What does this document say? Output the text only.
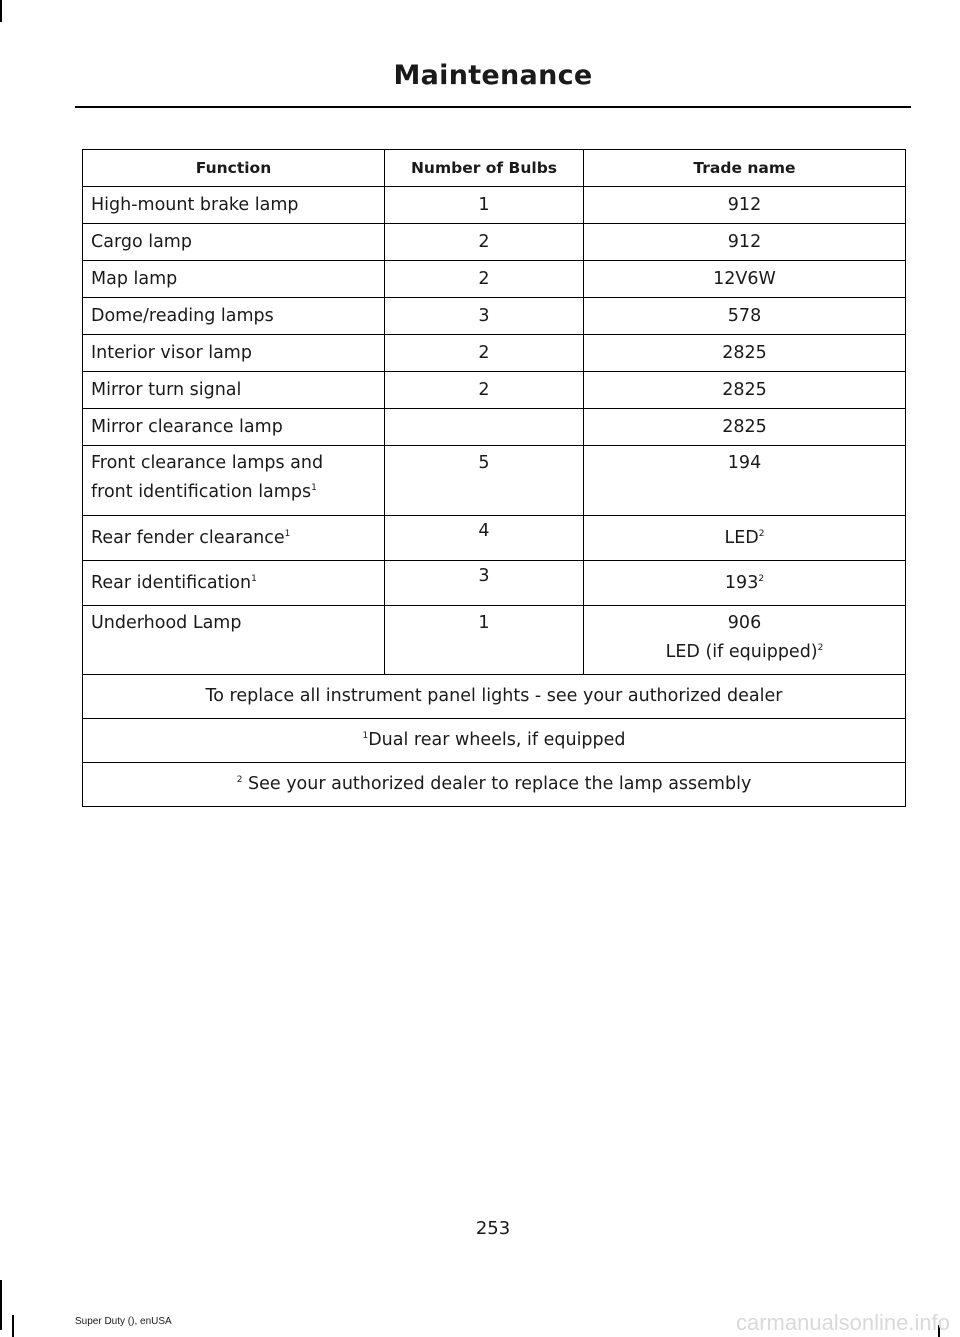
Maintenance
Function	Number of Bulbs	Trade name
High-mount brake lamp	1	912
Cargo lamp	2	912
Map lamp	2	12V6W
Dome/reading lamps	3	578
Interior visor lamp	2	2825
Mirror turn signal	2	2825
Mirror clearance lamp		2825
Front clearance lamps and
front identification lamps$^1$	5	194
Rear fender clearance$^1$	4	LED$^2$
Rear identification$^1$	3	$193^2$
Underhood Lamp	1	906
LED (if equipped)$^2$
To replace all instrument panel lights - see your authorized dealer		
$^1$Dual rear wheels, if equipped		
$^2$ See your authorized dealer to replace the lamp assembly		
253
Super Duty (), enUSA	carmanualsonline.info
